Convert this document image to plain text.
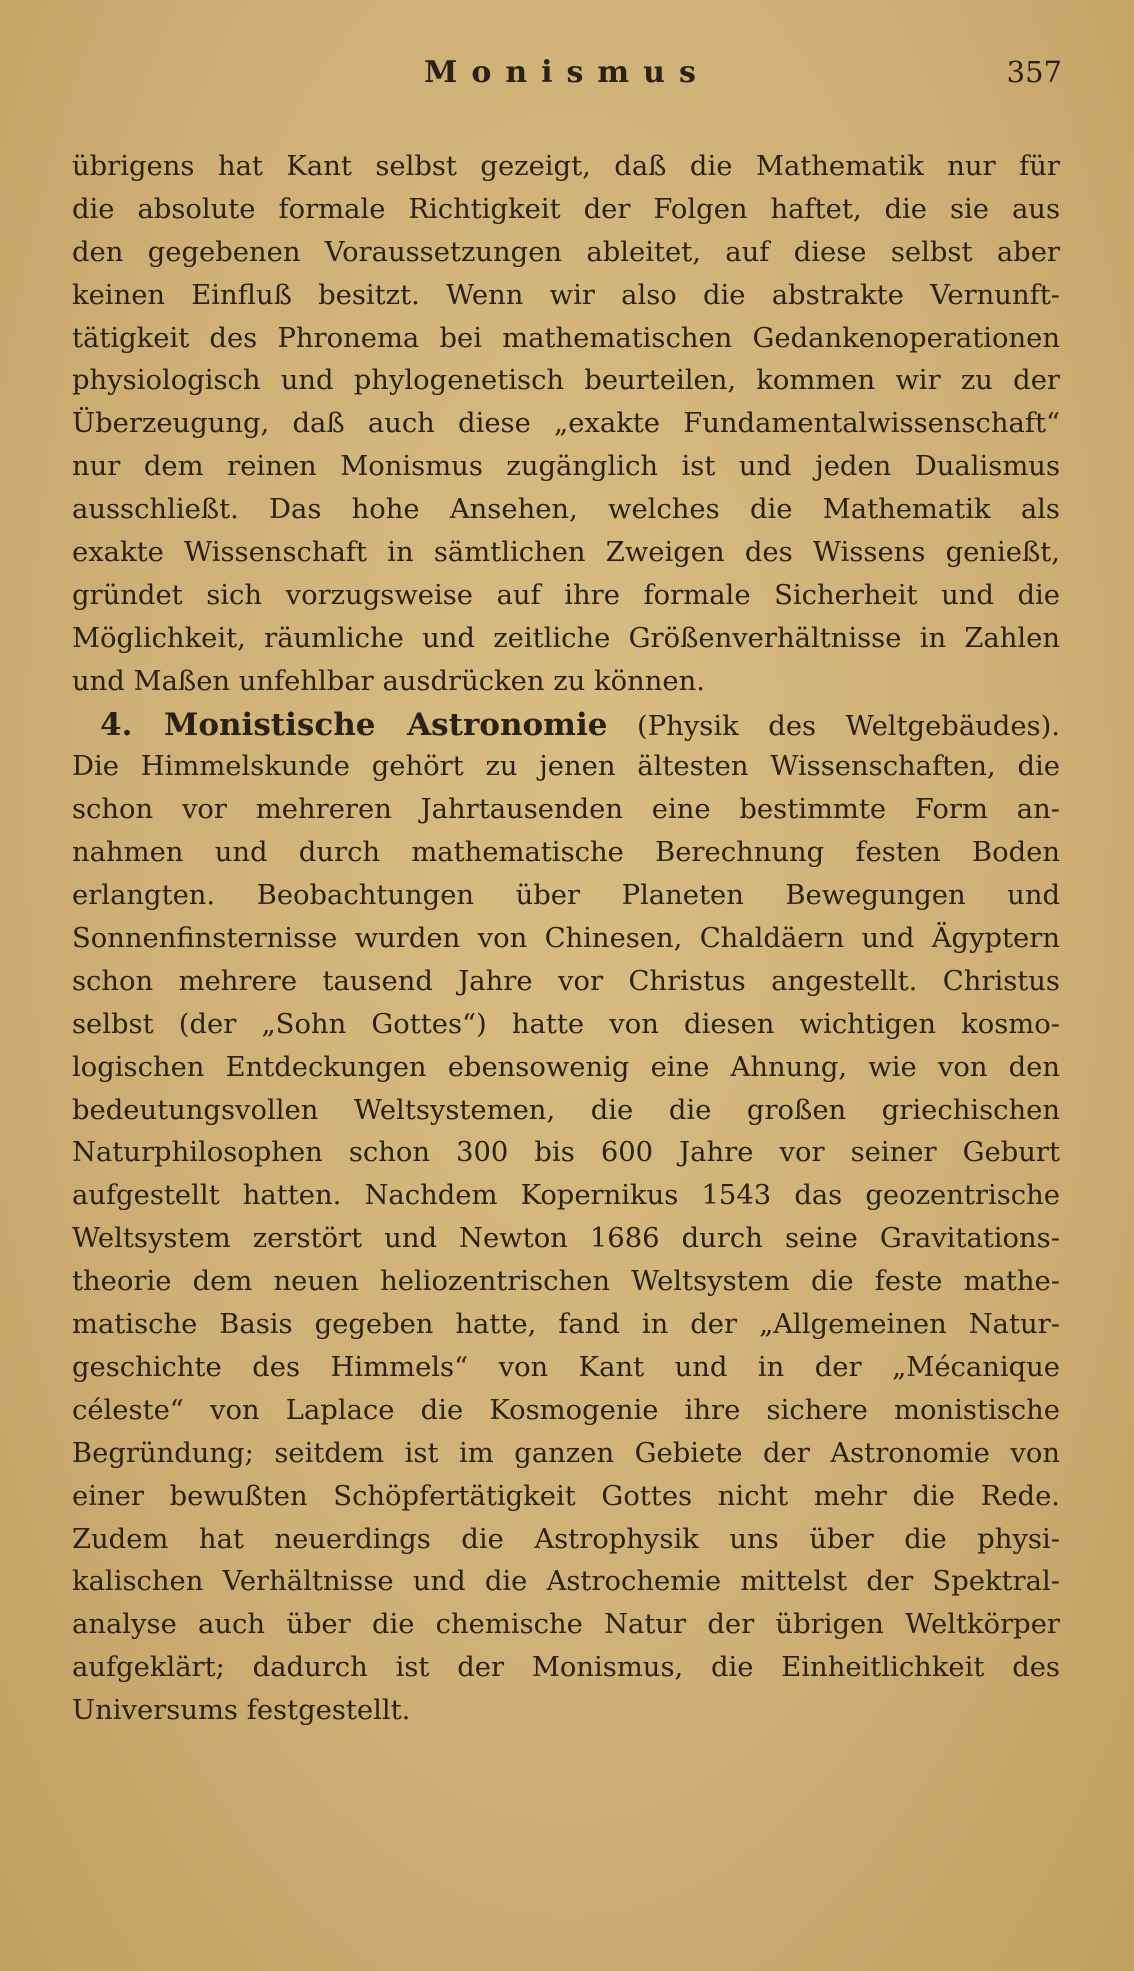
Monismus	357
übrigens hat Kant selbst gezeigt, daß die Mathematik nur für
die absolute formale Richtigkeit der Folgen haftet, die sie aus
den gegebenen Voraussetzungen ableitet, auf diese selbst aber
keinen Einfluß besitzt. Wenn wir also die abstrakte Vernunft-
tätigkeit des Phronema bei mathematischen Gedankenoperationen
physiologisch und phylogenetisch beurteilen, kommen wir zu der
Überzeugung, daß auch diese „exakte Fundamentalwissenschaft“
nur dem reinen Monismus zugänglich ist und jeden Dualismus
ausschließt. Das hohe Ansehen, welches die Mathematik als
exakte Wissenschaft in sämtlichen Zweigen des Wissens genießt,
gründet sich vorzugsweise auf ihre formale Sicherheit und die
Möglichkeit, räumliche und zeitliche Größenverhältnisse in Zahlen
und Maßen unfehlbar ausdrücken zu können.
4. Monistische Astronomie (Physik des Weltgebäudes).
Die Himmelskunde gehört zu jenen ältesten Wissenschaften, die
schon vor mehreren Jahrtausenden eine bestimmte Form an-
nahmen und durch mathematische Berechnung festen Boden
erlangten. Beobachtungen über Planeten Bewegungen und
Sonnenfinsternisse wurden von Chinesen, Chaldäern und Ägyptern
schon mehrere tausend Jahre vor Christus angestellt. Christus
selbst (der „Sohn Gottes“) hatte von diesen wichtigen kosmo-
logischen Entdeckungen ebensowenig eine Ahnung, wie von den
bedeutungsvollen Weltsystemen, die die großen griechischen
Naturphilosophen schon 300 bis 600 Jahre vor seiner Geburt
aufgestellt hatten. Nachdem Kopernikus 1543 das geozentrische
Weltsystem zerstört und Newton 1686 durch seine Gravitations-
theorie dem neuen heliozentrischen Weltsystem die feste mathe-
matische Basis gegeben hatte, fand in der „Allgemeinen Natur-
geschichte des Himmels“ von Kant und in der „Mécanique
céleste“ von Laplace die Kosmogenie ihre sichere monistische
Begründung; seitdem ist im ganzen Gebiete der Astronomie von
einer bewußten Schöpfertätigkeit Gottes nicht mehr die Rede.
Zudem hat neuerdings die Astrophysik uns über die physi-
kalischen Verhältnisse und die Astrochemie mittelst der Spektral-
analyse auch über die chemische Natur der übrigen Weltkörper
aufgeklärt; dadurch ist der Monismus, die Einheitlichkeit des
Universums festgestellt.
